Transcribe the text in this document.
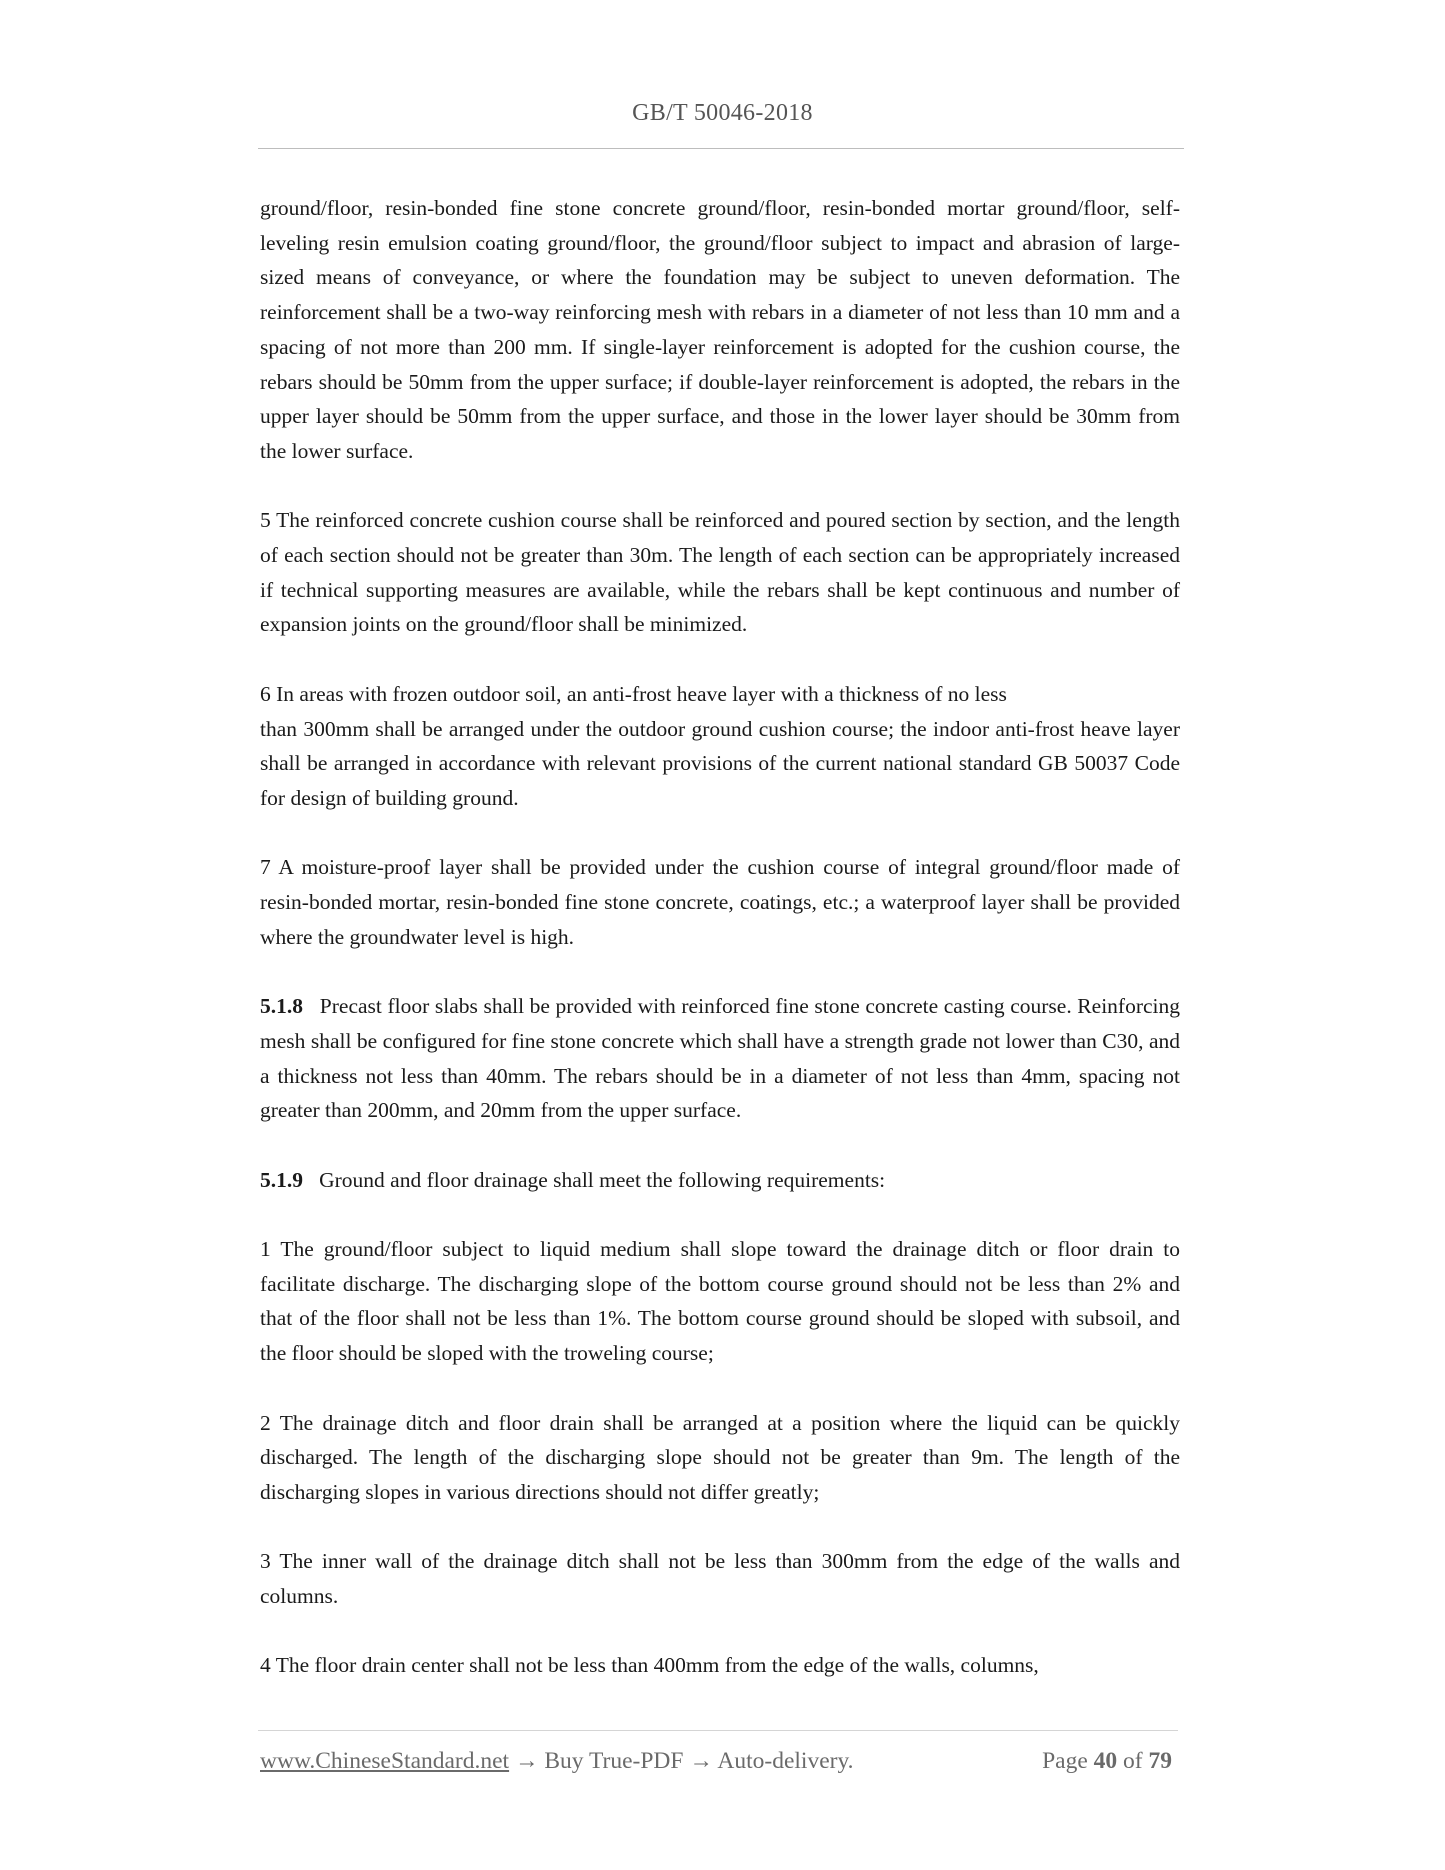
GB/T 50046-2018

ground/floor, resin-bonded fine stone concrete ground/floor, resin-bonded mortar ground/floor, self-leveling resin emulsion coating ground/floor, the ground/floor subject to impact and abrasion of large-sized means of conveyance, or where the foundation may be subject to uneven deformation. The reinforcement shall be a two-way reinforcing mesh with rebars in a diameter of not less than 10 mm and a spacing of not more than 200 mm. If single-layer reinforcement is adopted for the cushion course, the rebars should be 50mm from the upper surface; if double-layer reinforcement is adopted, the rebars in the upper layer should be 50mm from the upper surface, and those in the lower layer should be 30mm from the lower surface.

5 The reinforced concrete cushion course shall be reinforced and poured section by section, and the length of each section should not be greater than 30m. The length of each section can be appropriately increased if technical supporting measures are available, while the rebars shall be kept continuous and number of expansion joints on the ground/floor shall be minimized.

6 In areas with frozen outdoor soil, an anti-frost heave layer with a thickness of no less
than 300mm shall be arranged under the outdoor ground cushion course; the indoor anti-frost heave layer shall be arranged in accordance with relevant provisions of the current national standard GB 50037 Code for design of building ground.

7 A moisture-proof layer shall be provided under the cushion course of integral ground/floor made of resin-bonded mortar, resin-bonded fine stone concrete, coatings, etc.; a waterproof layer shall be provided where the groundwater level is high.

5.1.8 Precast floor slabs shall be provided with reinforced fine stone concrete casting course. Reinforcing mesh shall be configured for fine stone concrete which shall have a strength grade not lower than C30, and a thickness not less than 40mm. The rebars should be in a diameter of not less than 4mm, spacing not greater than 200mm, and 20mm from the upper surface.

5.1.9 Ground and floor drainage shall meet the following requirements:

1 The ground/floor subject to liquid medium shall slope toward the drainage ditch or floor drain to facilitate discharge. The discharging slope of the bottom course ground should not be less than 2% and that of the floor shall not be less than 1%. The bottom course ground should be sloped with subsoil, and the floor should be sloped with the troweling course;

2 The drainage ditch and floor drain shall be arranged at a position where the liquid can be quickly discharged. The length of the discharging slope should not be greater than 9m. The length of the discharging slopes in various directions should not differ greatly;

3 The inner wall of the drainage ditch shall not be less than 300mm from the edge of the walls and columns.

4 The floor drain center shall not be less than 400mm from the edge of the walls, columns,

www.ChineseStandard.net → Buy True-PDF → Auto-delivery.	Page 40 of 79
